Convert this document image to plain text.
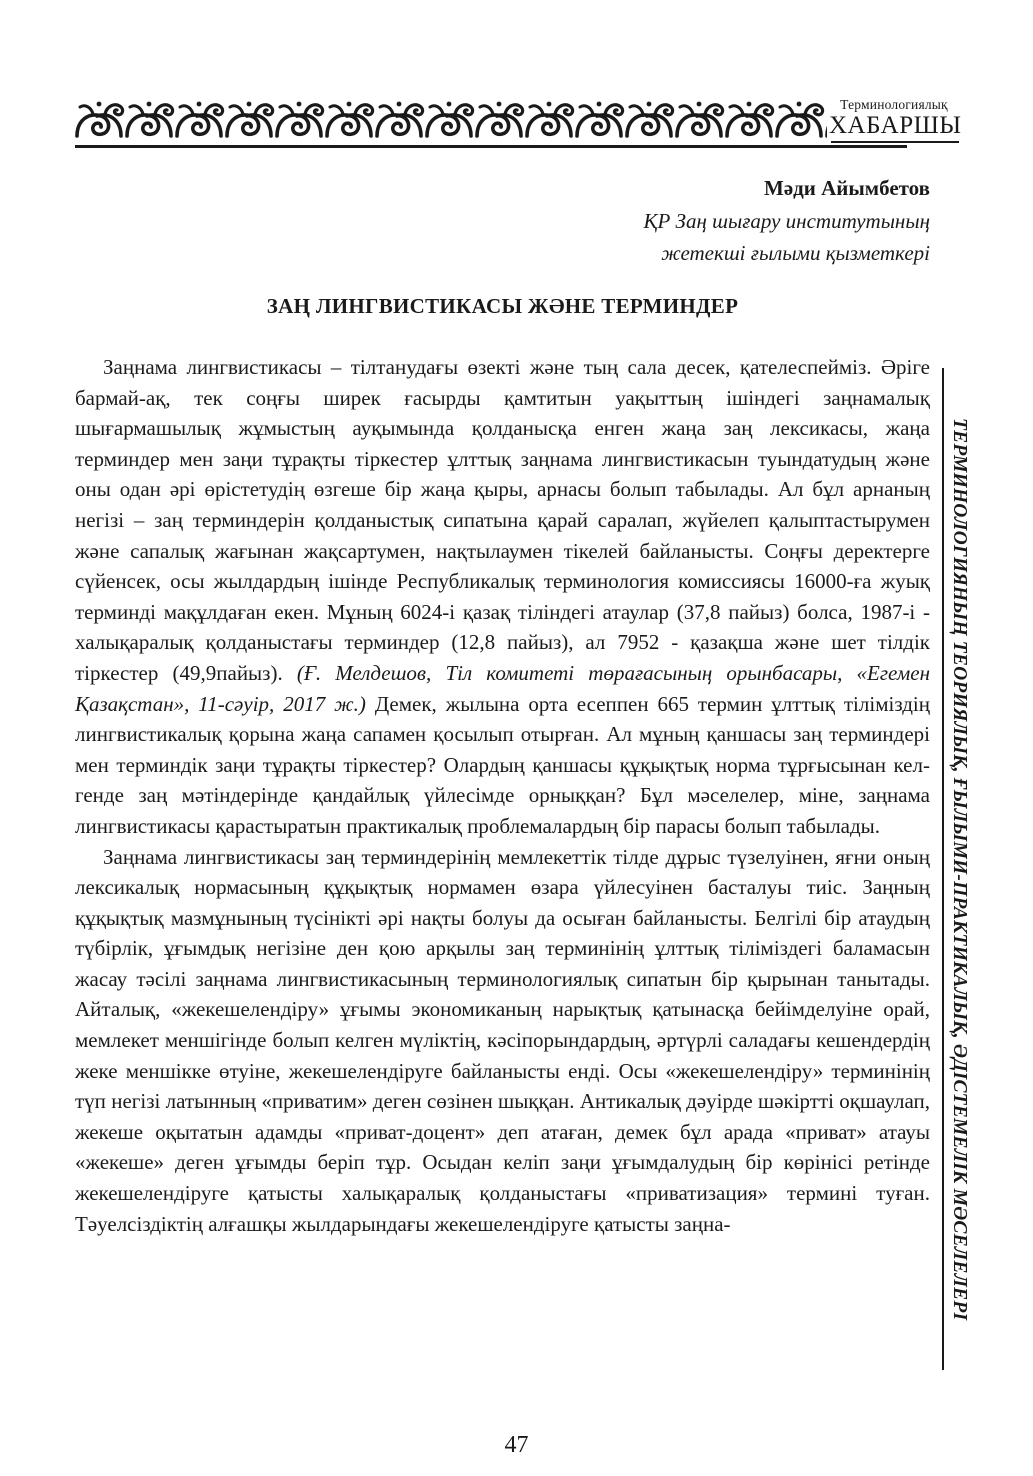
Терминологиялық
ХАБАРШЫ
Мәди Айымбетов
ҚР Заң шығару институтының
жетекші ғылыми қызметкері
ЗАҢ ЛИНГВИСТИКАСЫ ЖӘНЕ ТЕРМИНДЕР

Заңнама лингвистикасы – тілтанудағы өзекті және тың сала десек, қателеспейміз. Әріге бармай-ақ, тек соңғы ширек ғасырды қамтитын уақыттың ішіндегі заңнамалық шығармашылық жұмыстың ауқымында қолданысқа енген жаңа заң лексикасы, жаңа терминдер мен заңи тұрақты тіркестер ұлттық заңнама лингвистикасын туындатудың және оны одан әрі өрістетудің өзгеше бір жаңа қыры, арнасы болып табылады. Ал бұл арнаның негізі – заң терминдерін қолданыстық сипатына қарай саралап, жүйелеп қалыптастырумен және сапалық жағынан жақсартумен, нақтылаумен тікелей байланысты. Соңғы деректерге сүйенсек, осы жылдардың ішінде Республикалық терминология комиссиясы 16000-ға жуық терминді мақұлдаған екен. Мұның 6024-і қазақ тіліндегі атаулар (37,8 пайыз) болса, 1987-і - халықаралық қолданыстағы терминдер (12,8 пайыз), ал 7952 - қазақша және шет тілдік тіркестер (49,9пайыз). (Ғ. Мелдешов, Тіл комитеті төрағасының орынбасары, «Егемен Қазақстан», 11-сәуір, 2017 ж.) Демек, жылына орта есеппен 665 термин ұлттық тіліміздің лингвистикалық қорына жаңа сапамен қосылып отырған. Ал мұның қаншасы заң терминдері мен терминдік заңи тұрақты тіркестер? Олардың қаншасы құқықтық норма тұрғысынан келгенде заң мәтіндерінде қандайлық үйлесімде орныққан? Бұл мәселелер, міне, заңнама лингвистикасы қарастыратын практикалық проблемалардың бір парасы болып табылады.

Заңнама лингвистикасы заң терминдерінің мемлекеттік тілде дұрыс түзелуінен, яғни оның лексикалық нормасының құқықтық нормамен өзара үйлесуінен басталуы тиіс. Заңның құқықтық мазмұнының түсінікті әрі нақты болуы да осыған байланысты. Белгілі бір атаудың түбірлік, ұғымдық негізіне ден қою арқылы заң терминінің ұлттық тіліміздегі баламасын жасау тәсілі заңнама лингвистикасының терминологиялық сипатын бір қырынан танытады. Айталық, «жекешелендіру» ұғымы экономиканың нарықтық қатынасқа бейімделуіне орай, мемлекет меншігінде болып келген мүліктің, кәсіпорындардың, әртүрлі саладағы кешендердің жеке меншікке өтуіне, жекешелендіруге байланысты енді. Осы «жекешелендіру» терминінің түп негізі латынның «приватим» деген сөзінен шыққан. Антикалық дәуірде шәкіртті оқшаулап, жекеше оқытатын адамды «приват-доцент» деп атаған, демек бұл арада «приват» атауы «жекеше» деген ұғымды беріп тұр. Осыдан келіп заңи ұғымдалудың бір көрінісі ретінде жекешелендіруге қатысты халықаралық қолданыстағы «приватизация» термині туған. Тәуелсіздіктің алғашқы жылдарындағы жекешелендіруге қатысты заңна-	ТЕРМИНОЛОГИЯНЫҢ ТЕОРИЯЛЫҚ, ҒЫЛЫМИ-ПРАКТИКАЛЫҚ, ӘДІСТЕМЕЛІК МӘСЕЛЕЛЕРІ
47
